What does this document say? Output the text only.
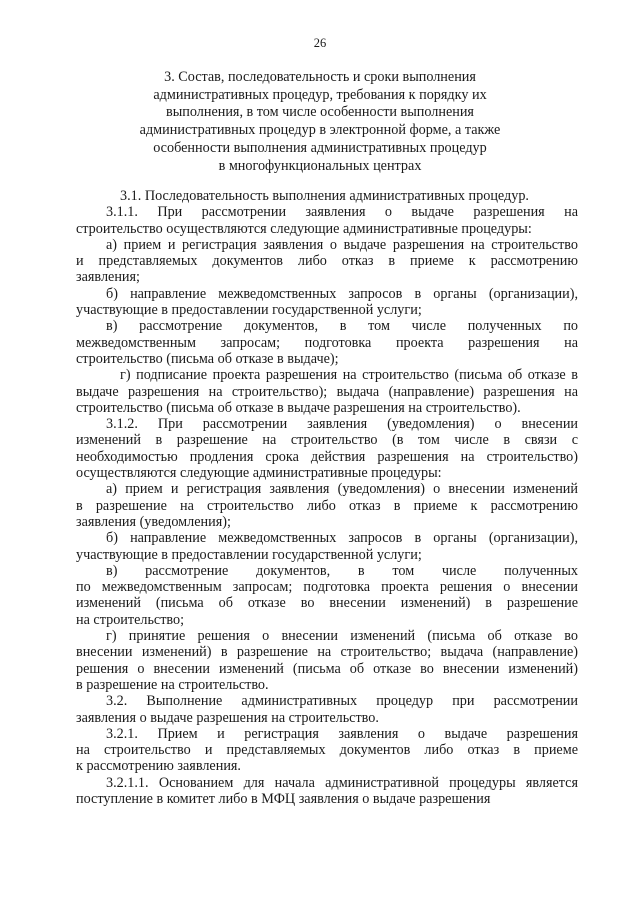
26
3. Состав, последовательность и сроки выполнения
административных процедур, требования к порядку их
выполнения, в том числе особенности выполнения
административных процедур в электронной форме, а также
особенности выполнения административных процедур
в многофункциональных центрах
3.1. Последовательность выполнения административных процедур.
3.1.1. При рассмотрении заявления о выдаче разрешения на
строительство осуществляются следующие административные процедуры:
а) прием и регистрация заявления о выдаче разрешения на строительство
и представляемых документов либо отказ в приеме к рассмотрению
заявления;
б) направление межведомственных запросов в органы (организации),
участвующие в предоставлении государственной услуги;
в) рассмотрение документов, в том числе полученных по
межведомственным запросам; подготовка проекта разрешения на
строительство (письма об отказе в выдаче);
г) подписание проекта разрешения на строительство (письма об отказе в
выдаче разрешения на строительство); выдача (направление) разрешения на
строительство (письма об отказе в выдаче разрешения на строительство).
3.1.2. При рассмотрении заявления (уведомления) о внесении
изменений в разрешение на строительство (в том числе в связи с
необходимостью продления срока действия разрешения на строительство)
осуществляются следующие административные процедуры:
а) прием и регистрация заявления (уведомления) о внесении изменений
в разрешение на строительство либо отказ в приеме к рассмотрению
заявления (уведомления);
б) направление межведомственных запросов в органы (организации),
участвующие в предоставлении государственной услуги;
в) рассмотрение документов, в том числе полученных
по межведомственным запросам; подготовка проекта решения о внесении
изменений (письма об отказе во внесении изменений) в разрешение
на строительство;
г) принятие решения о внесении изменений (письма об отказе во
внесении изменений) в разрешение на строительство; выдача (направление)
решения о внесении изменений (письма об отказе во внесении изменений)
в разрешение на строительство.
3.2. Выполнение административных процедур при рассмотрении
заявления о выдаче разрешения на строительство.
3.2.1. Прием и регистрация заявления о выдаче разрешения
на строительство и представляемых документов либо отказ в приеме
к рассмотрению заявления.
3.2.1.1. Основанием для начала административной процедуры является
поступление в комитет либо в МФЦ заявления о выдаче разрешения
